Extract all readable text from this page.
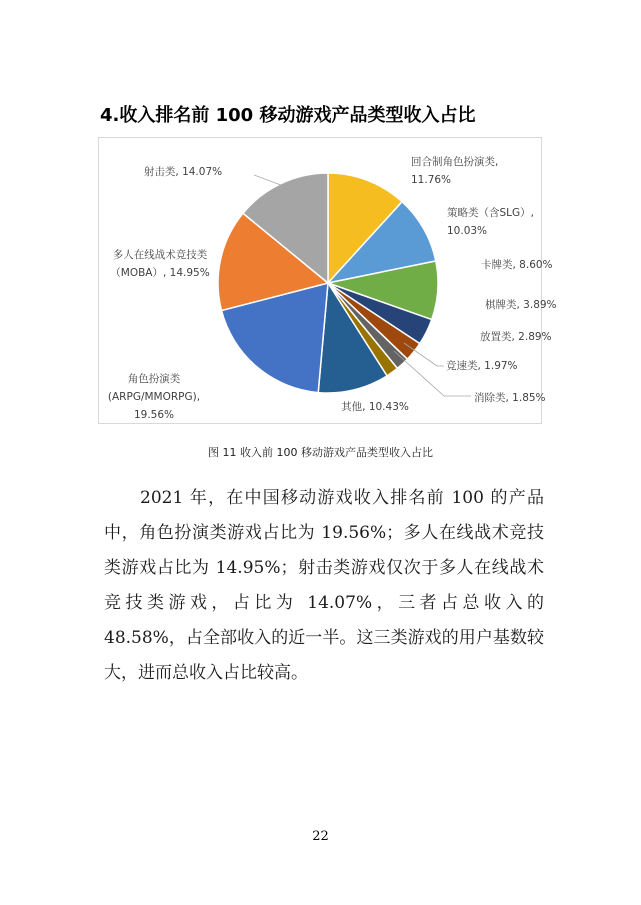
4.收入排名前 100 移动游戏产品类型收入占比
回合制角色扮演类, 11.76%
策略类（含SLG）, 10.03%
卡牌类, 8.60%
棋牌类, 3.89%
放置类, 2.89%
竞速类, 1.97%
消除类, 1.85%
其他, 10.43%
角色扮演类(ARPG/MMORPG), 19.56%
多人在线战术竞技类（MOBA）, 14.95%
射击类, 14.07%

图 11 收入前 100 移动游戏产品类型收入占比

2021 年，在中国移动游戏收入排名前 100 的产品中，角色扮演类游戏占比为 19.56%；多人在线战术竞技类游戏占比为 14.95%；射击类游戏仅次于多人在线战术竞技类游戏，占比为 14.07%，三者占总收入的 48.58%，占全部收入的近一半。这三类游戏的用户基数较大，进而总收入占比较高。

22
